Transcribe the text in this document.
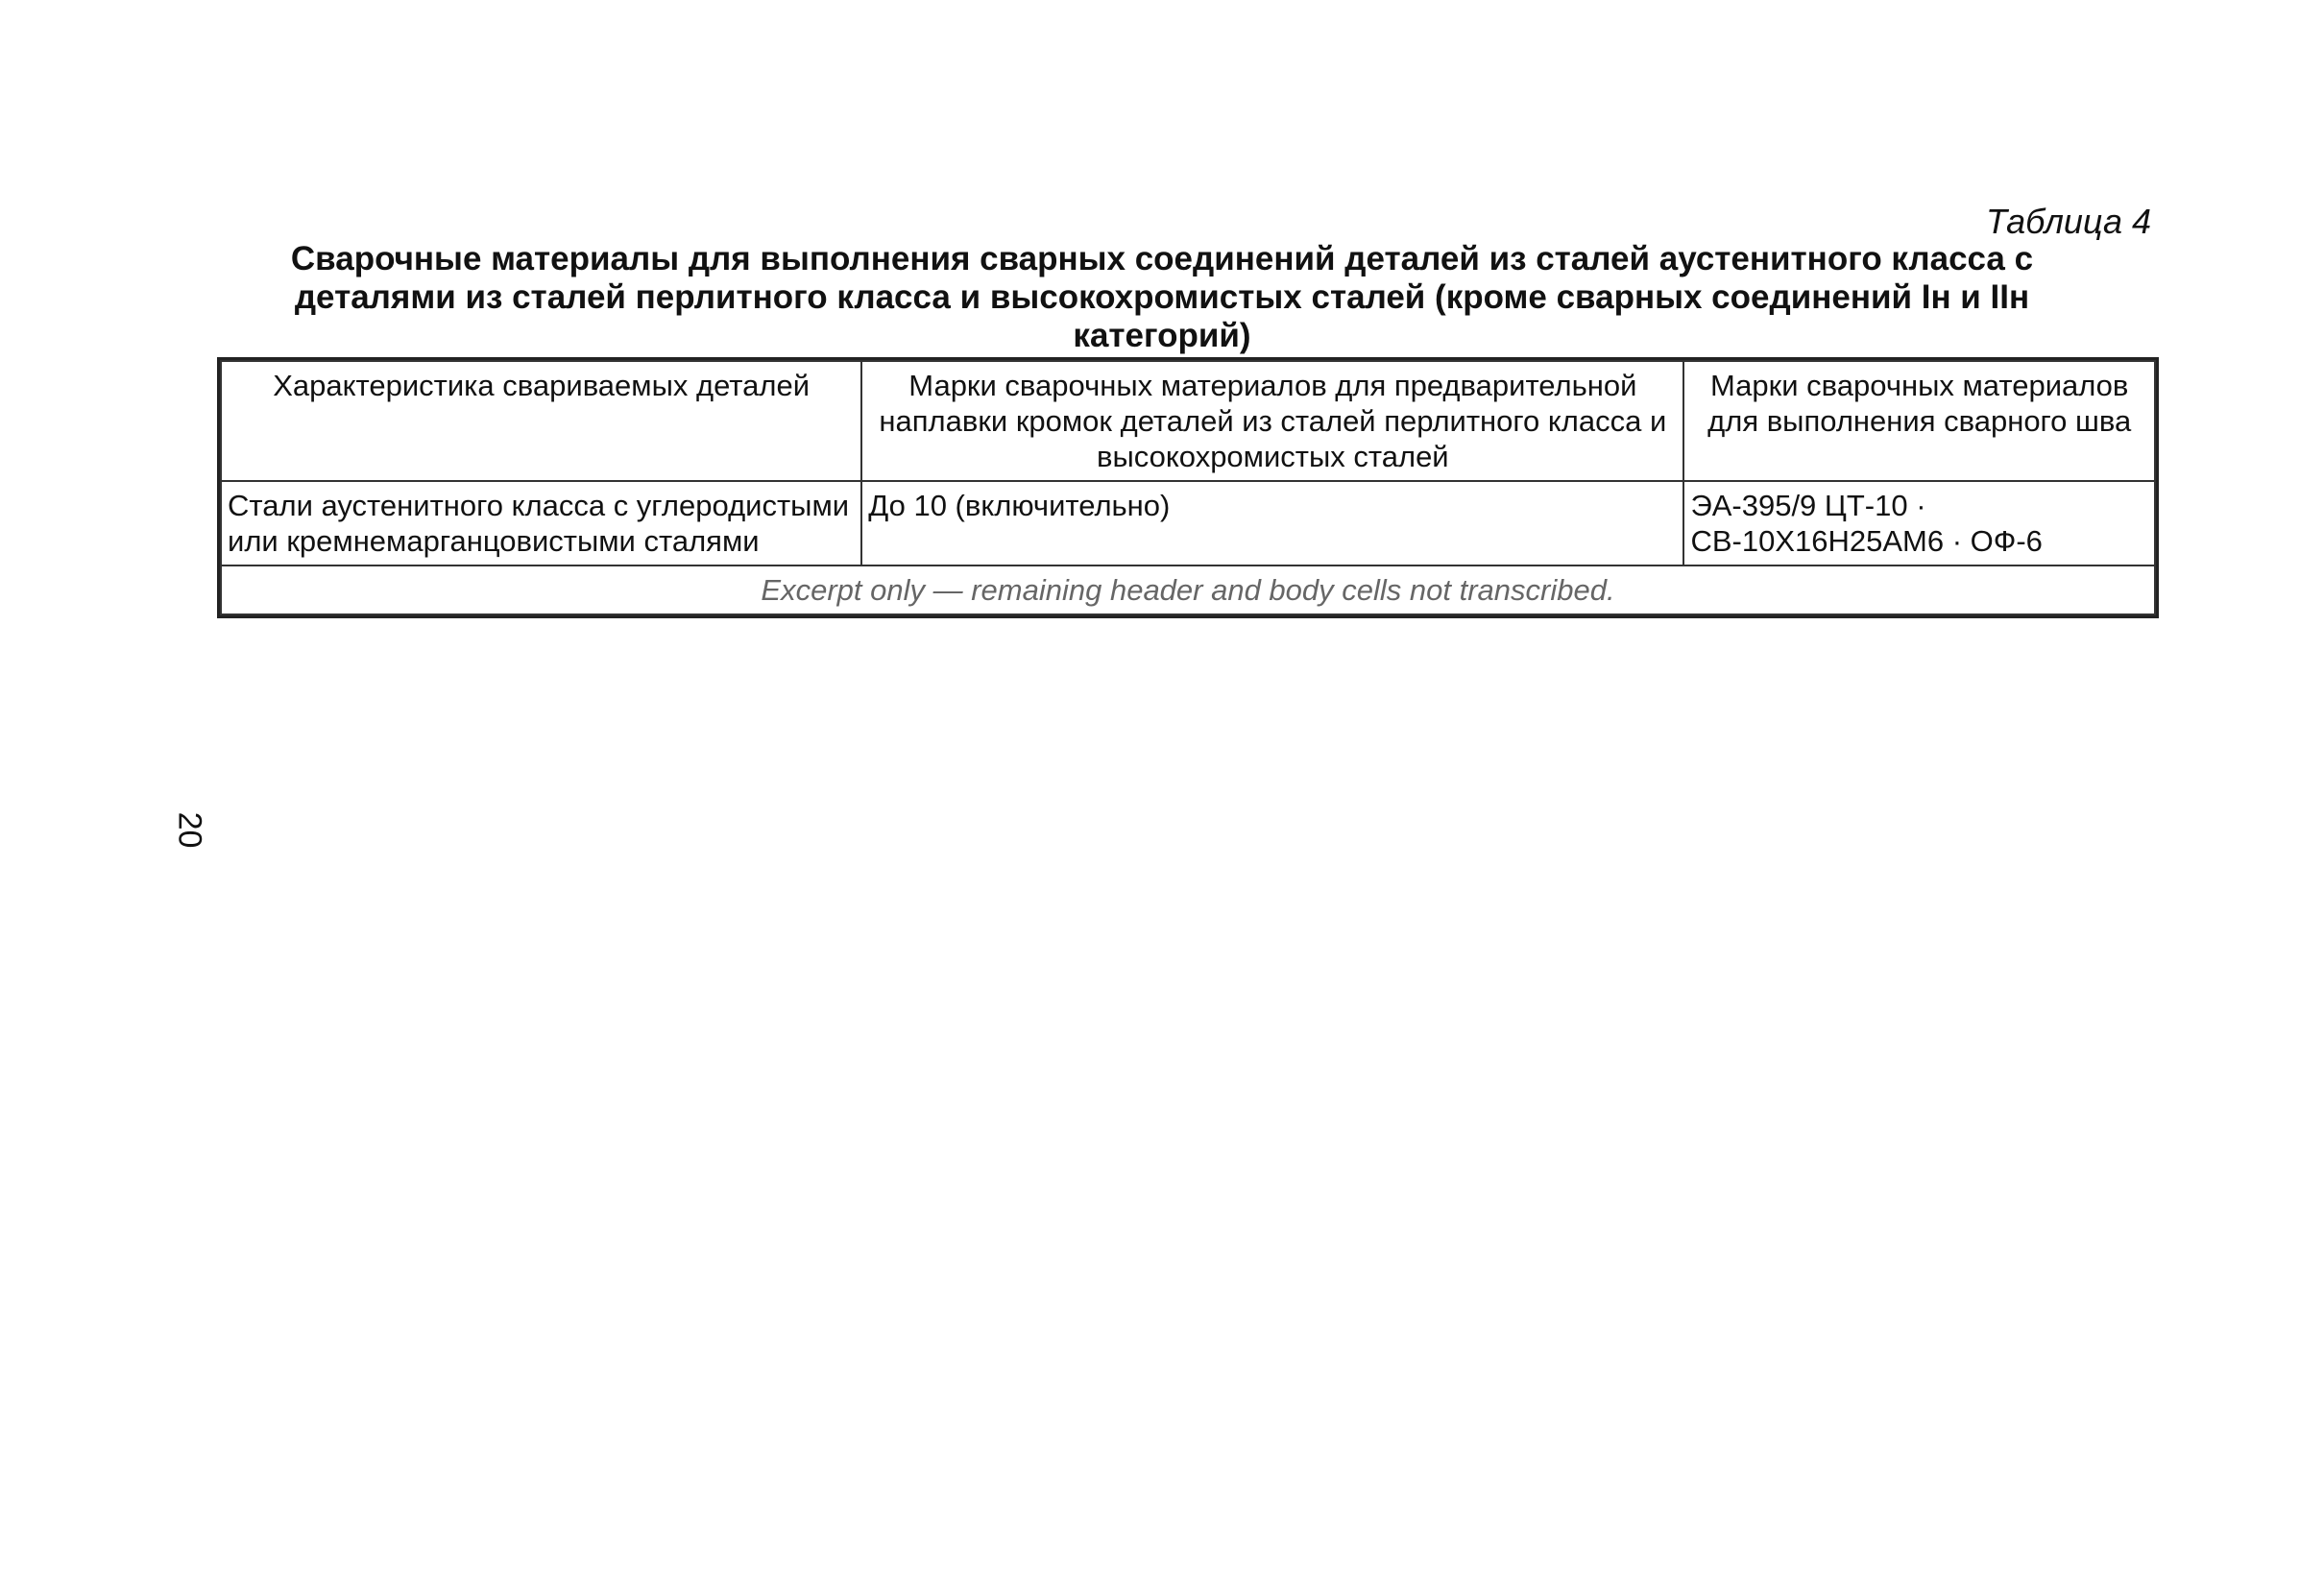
Таблица 4
Сварочные материалы для выполнения сварных соединений деталей из сталей аустенитного класса с деталями из сталей перлитного класса и высокохромистых сталей (кроме сварных соединений Iн и IIн категорий)
20
Характеристика свариваемых деталей	Марки сварочных материалов для предварительной наплавки кромок деталей из сталей перлитного класса и высокохромистых сталей	Марки сварочных материалов для выполнения сварного шва
Стали аустенитного класса с углеродистыми или кремнемарганцовистыми сталями	До 10 (включительно)	ЭА-395/9 ЦТ-10 · СВ-10Х16Н25АМ6 · ОФ-6
Excerpt only — remaining header and body cells not transcribed.		
